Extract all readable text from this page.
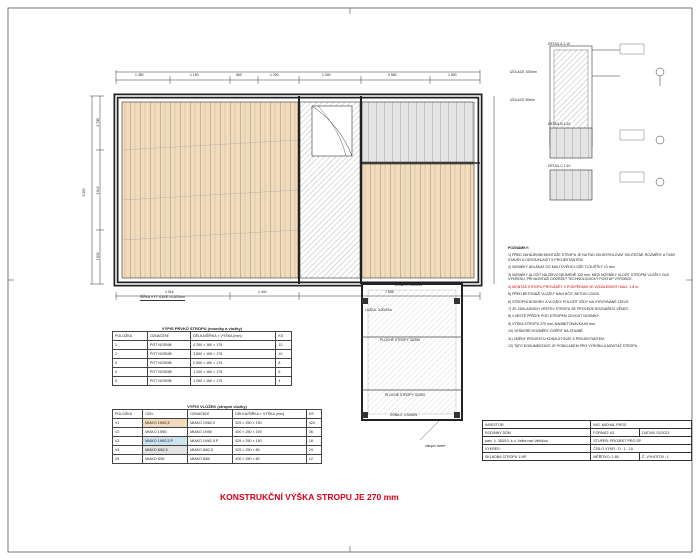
1 450	1 190	560	1 200	1 340	3 560	1 500
9 290
2 745
3 610
1 630
4 015	1 440	7 595
ŠÍŘKA VÝT. ÚZKÉ 14,5/25cm
LUŽKA: 0,00/32m
ZÓNA 1, 0,0/AGN
PLOCHÉ STROPY 32/250
PLOCHÉ STROPY 32/250
ZÓNA 2, 0,0/AGN
vstupní dveře
DETAIL A 1:10
IZOLACE 100mm
IZOLACE 50mm
DETAIL B 1:10
DETAIL C 1:10

POZNÁMKY:

1) PŘED ZAHÁJENÍM MONTÁŽE STROPU JE NUTNO ZKONTROLOVAT SKUTEČNÉ ROZMĚRY A TVAR STAVBY A ODSOUHLASIT S PROJEKTANTEM.

2) NOSNÍKY UKLÁDAT DO MALTOVÉHO LOŽE TLOUŠŤKY 10 mm.

3) NOSNÍKY ULOŽIT NA ZDIVO NEJMÉNĚ 125 mm, MEZI NOSNÍKY VLOŽIT STROPNÍ VLOŽKY DLE VÝKRESU, PŘI MONTÁŽI DODRŽET TECHNOLOGICKÝ POSTUP VÝROBCE.

4) MONTÁŽ STROPU PROVÁDĚT S PODPĚRAMI VE VZDÁLENOSTI MAX. 1,8 m.

5) PŘED BETONÁŽÍ VLOŽKY NAVLHČIT, BETON C20/25.

6) STROPNÍ NOSNÍKY A VLOŽKY POLOŽIT VŽDY NA VYROVNANÉ ZDIVO.

7) ZE ZÁKLADNÍCH VRSTEV STROPU SE PROVEDE ROZNÁŠECÍ VĚNEC.

8) V MÍSTĚ PŘÍČEK POD STROPEM ZDVOJIT NOSNÍKY.

9) VÝŠKA STROPU 270 mm, NADBETONÁVKA 60 mm.

10) VEŠKERÉ ROZMĚRY OVĚŘIT NA STAVBĚ.

11) ZMĚNY PROJEKTU KONZULTOVAT S PROJEKTANTEM.

12) TATO DOKUMENTACE JE PODKLADEM PRO VÝROBU A MONTÁŽ STROPU.

VÝPIS PRVKŮ STROPU (nosníky a vložky)
POLOŽKA	OZNAČENÍ	DÉLKA/ŠÍŘKA × VÝŠKA (mm)	KS
1	POT NOSNÍK	4 250 × 160 × 175	12
2	POT NOSNÍK	3 800 × 160 × 175	10
3	POT NOSNÍK	2 500 × 160 × 175	8
4	POT NOSNÍK	1 200 × 160 × 175	6
5	POT NOSNÍK	1 050 × 160 × 175	4
VÝPIS VLOŽEK (stropní vložky)
POLOŽKA	OZN.	OZNAČENÍ	DÉLKA/ŠÍŘKA × VÝŠKA (mm)	KS
V1	MIAKO 19/62,5	MIAKO 19/62,5	525 × 250 × 190	420
V2	MIAKO 19/50	MIAKO 19/50	400 × 250 × 190	36
V3	MIAKO 19/62,5 P	MIAKO 19/62,5 P	525 × 250 × 190	18
V4	MIAKO 8/62,5	MIAKO 8/62,5	525 × 250 × 80	24
V5	MIAKO 8/50	MIAKO 8/50	400 × 250 × 80	12
KONSTRUKČNÍ VÝŠKA STROPU JE 270 mm
INVESTOR:	ING. MICHAL PROS	
RODINNÝ DŮM	FORMÁT: A3	DATUM: 02/2021
parc. č. 383/10, k.ú. Velká nad Veličkou	STUPEŇ: PROJEKT PRO SP	
VÝKRES:	ČÍSLO VÝKR.: D - 1 - 10	
SKLADBA STROPU 1.NP	MĚŘÍTKO: 1:50	Č. VYHOTOV.: 1
